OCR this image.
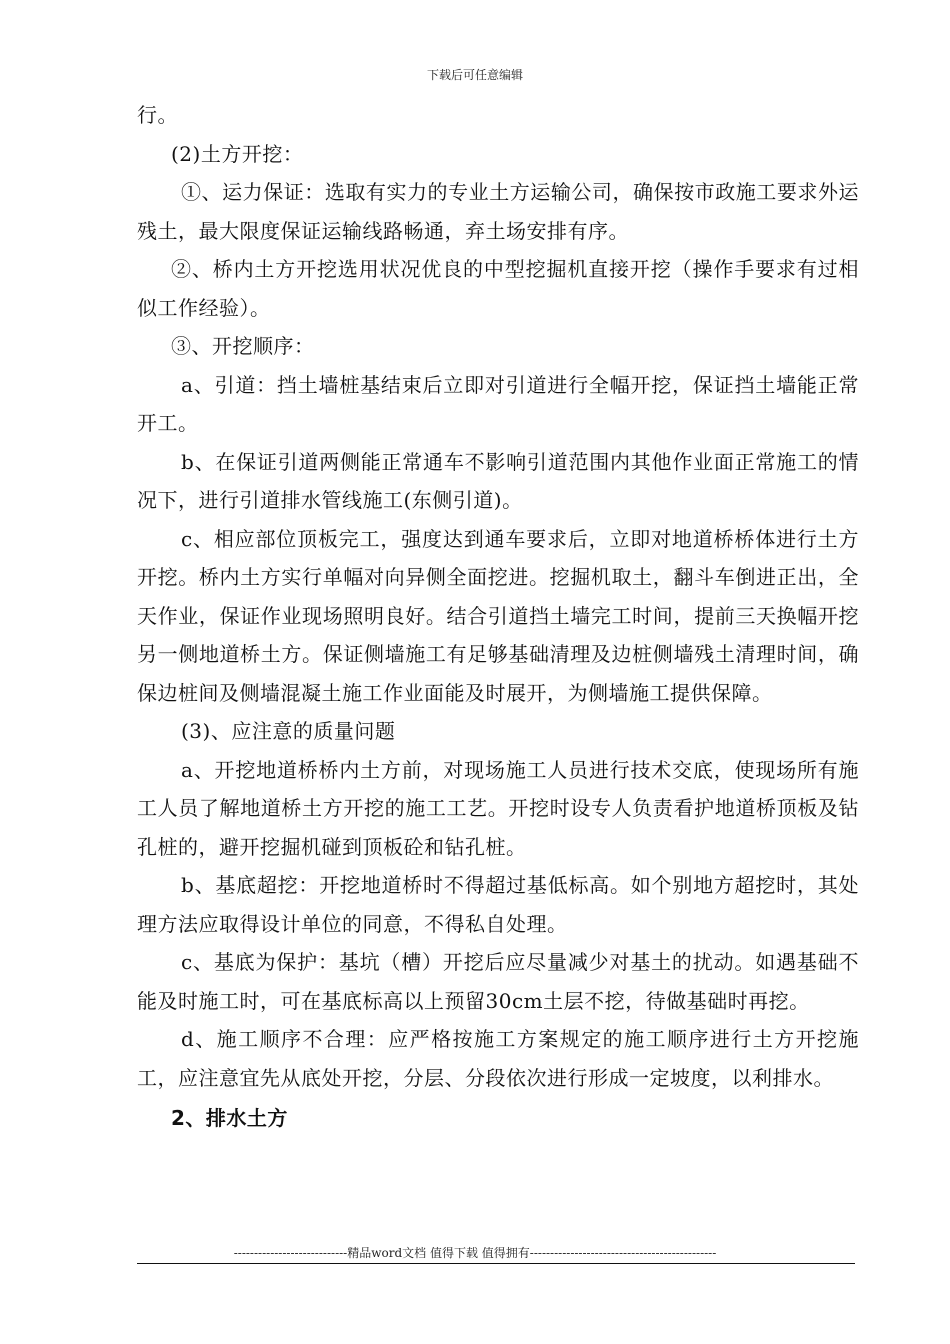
下载后可任意编辑

行。

(2)土方开挖：

①、运力保证：选取有实力的专业土方运输公司，确保按市政施工要求外运残土，最大限度保证运输线路畅通，弃土场安排有序。

②、桥内土方开挖选用状况优良的中型挖掘机直接开挖（操作手要求有过相似工作经验）。

③、开挖顺序：

a、引道：挡土墙桩基结束后立即对引道进行全幅开挖，保证挡土墙能正常开工。

b、在保证引道两侧能正常通车不影响引道范围内其他作业面正常施工的情况下，进行引道排水管线施工(东侧引道)。

c、相应部位顶板完工，强度达到通车要求后，立即对地道桥桥体进行土方开挖。桥内土方实行单幅对向异侧全面挖进。挖掘机取土，翻斗车倒进正出，全天作业，保证作业现场照明良好。结合引道挡土墙完工时间，提前三天换幅开挖另一侧地道桥土方。保证侧墙施工有足够基础清理及边桩侧墙残土清理时间，确保边桩间及侧墙混凝土施工作业面能及时展开，为侧墙施工提供保障。

(3)、应注意的质量问题

a、开挖地道桥桥内土方前，对现场施工人员进行技术交底，使现场所有施工人员了解地道桥土方开挖的施工工艺。开挖时设专人负责看护地道桥顶板及钻孔桩的，避开挖掘机碰到顶板砼和钻孔桩。

b、基底超挖：开挖地道桥时不得超过基低标高。如个别地方超挖时，其处理方法应取得设计单位的同意，不得私自处理。

c、基底为保护：基坑（槽）开挖后应尽量减少对基土的扰动。如遇基础不能及时施工时，可在基底标高以上预留30cm土层不挖，待做基础时再挖。

d、施工顺序不合理：应严格按施工方案规定的施工顺序进行土方开挖施工，应注意宜先从底处开挖，分层、分段依次进行形成一定坡度，以利排水。

2、排水土方

----------------------------精品word文档 值得下载 值得拥有----------------------------------------------
